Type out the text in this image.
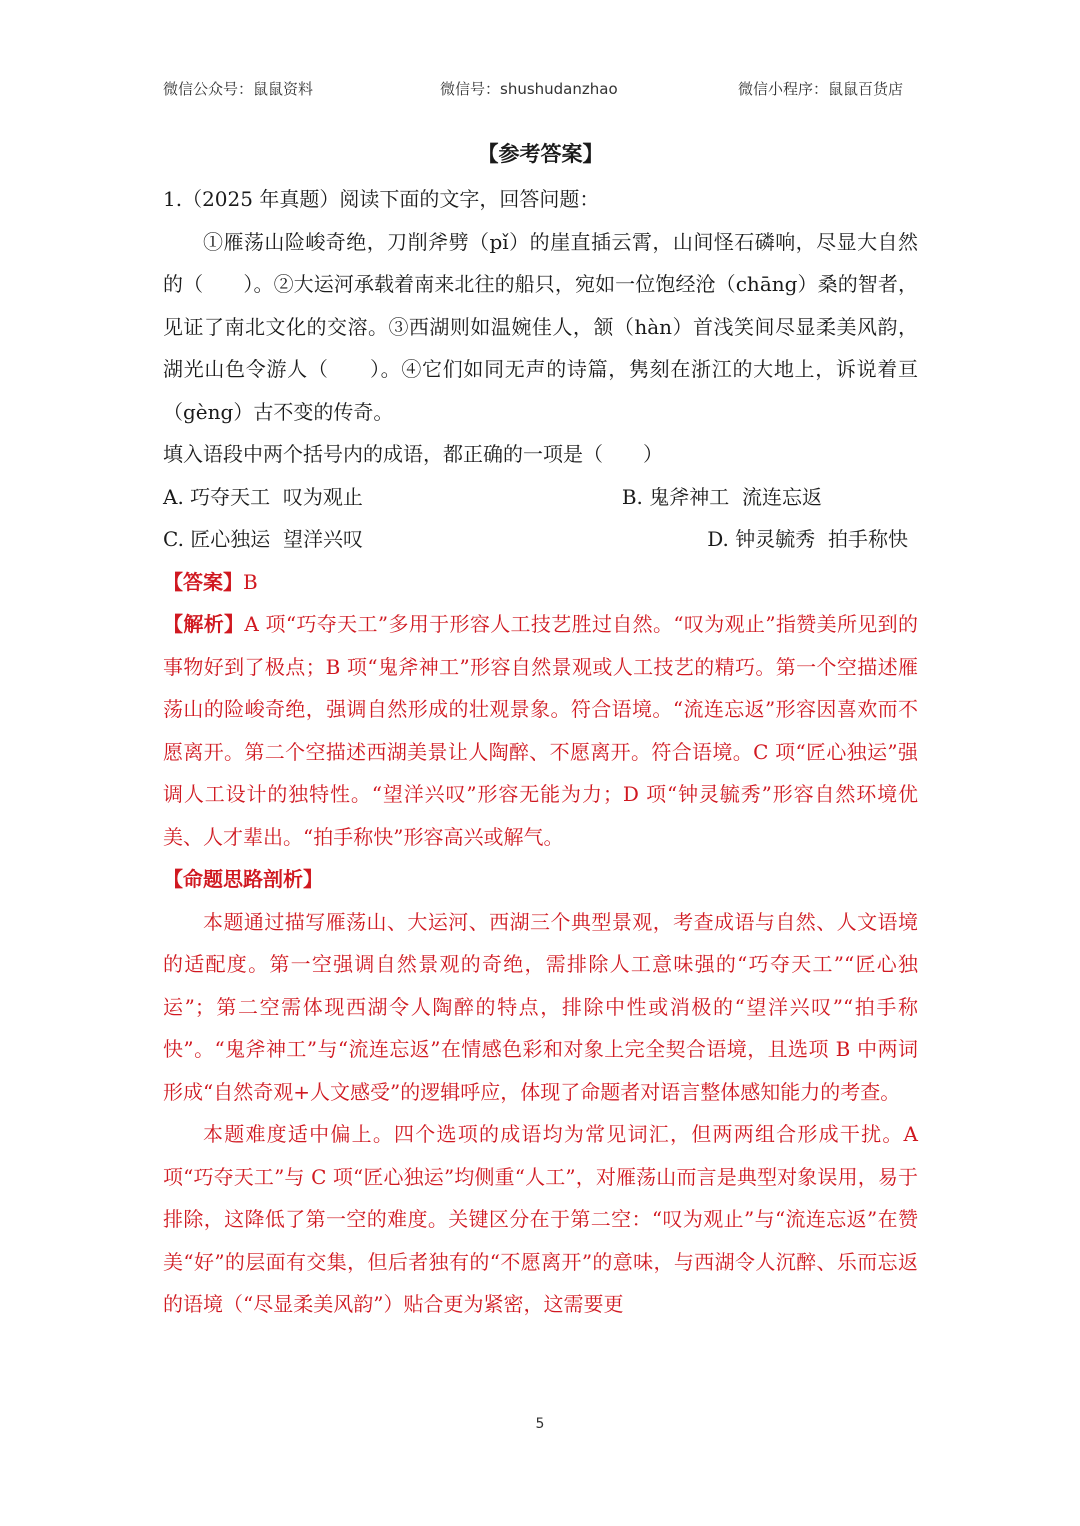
微信公众号：鼠鼠资料	微信号：shushudanzhao	微信小程序：鼠鼠百货店
【参考答案】

1.（2025 年真题）阅读下面的文字，回答问题：

①雁荡山险峻奇绝，刀削斧劈（pǐ）的崖直插云霄，山间怪石磷响，尽显大自然的（　　）。②大运河承载着南来北往的船只，宛如一位饱经沧（chāng）桑的智者，见证了南北文化的交溶。③西湖则如温婉佳人，颔（hàn）首浅笑间尽显柔美风韵，湖光山色令游人（　　）。④它们如同无声的诗篇，隽刻在浙江的大地上，诉说着亘（gèng）古不变的传奇。

填入语段中两个括号内的成语，都正确的一项是（　　）

A. 巧夺天工  叹为观止	B. 鬼斧神工  流连忘返
C. 匠心独运  望洋兴叹	D. 钟灵毓秀  拍手称快

【答案】B

【解析】A 项“巧夺天工”多用于形容人工技艺胜过自然。“叹为观止”指赞美所见到的事物好到了极点；B 项“鬼斧神工”形容自然景观或人工技艺的精巧。第一个空描述雁荡山的险峻奇绝，强调自然形成的壮观景象。符合语境。“流连忘返”形容因喜欢而不愿离开。第二个空描述西湖美景让人陶醉、不愿离开。符合语境。C 项“匠心独运”强调人工设计的独特性。“望洋兴叹”形容无能为力；D 项“钟灵毓秀”形容自然环境优美、人才辈出。“拍手称快”形容高兴或解气。

【命题思路剖析】

本题通过描写雁荡山、大运河、西湖三个典型景观，考查成语与自然、人文语境的适配度。第一空强调自然景观的奇绝，需排除人工意味强的“巧夺天工”“匠心独运”；第二空需体现西湖令人陶醉的特点，排除中性或消极的“望洋兴叹”“拍手称快”。“鬼斧神工”与“流连忘返”在情感色彩和对象上完全契合语境，且选项 B 中两词形成“自然奇观+人文感受”的逻辑呼应，体现了命题者对语言整体感知能力的考查。

本题难度适中偏上。四个选项的成语均为常见词汇，但两两组合形成干扰。A 项“巧夺天工”与 C 项“匠心独运”均侧重“人工”，对雁荡山而言是典型对象误用，易于排除，这降低了第一空的难度。关键区分在于第二空：“叹为观止”与“流连忘返”在赞美“好”的层面有交集，但后者独有的“不愿离开”的意味，与西湖令人沉醉、乐而忘返的语境（“尽显柔美风韵”）贴合更为紧密，这需要更

5
